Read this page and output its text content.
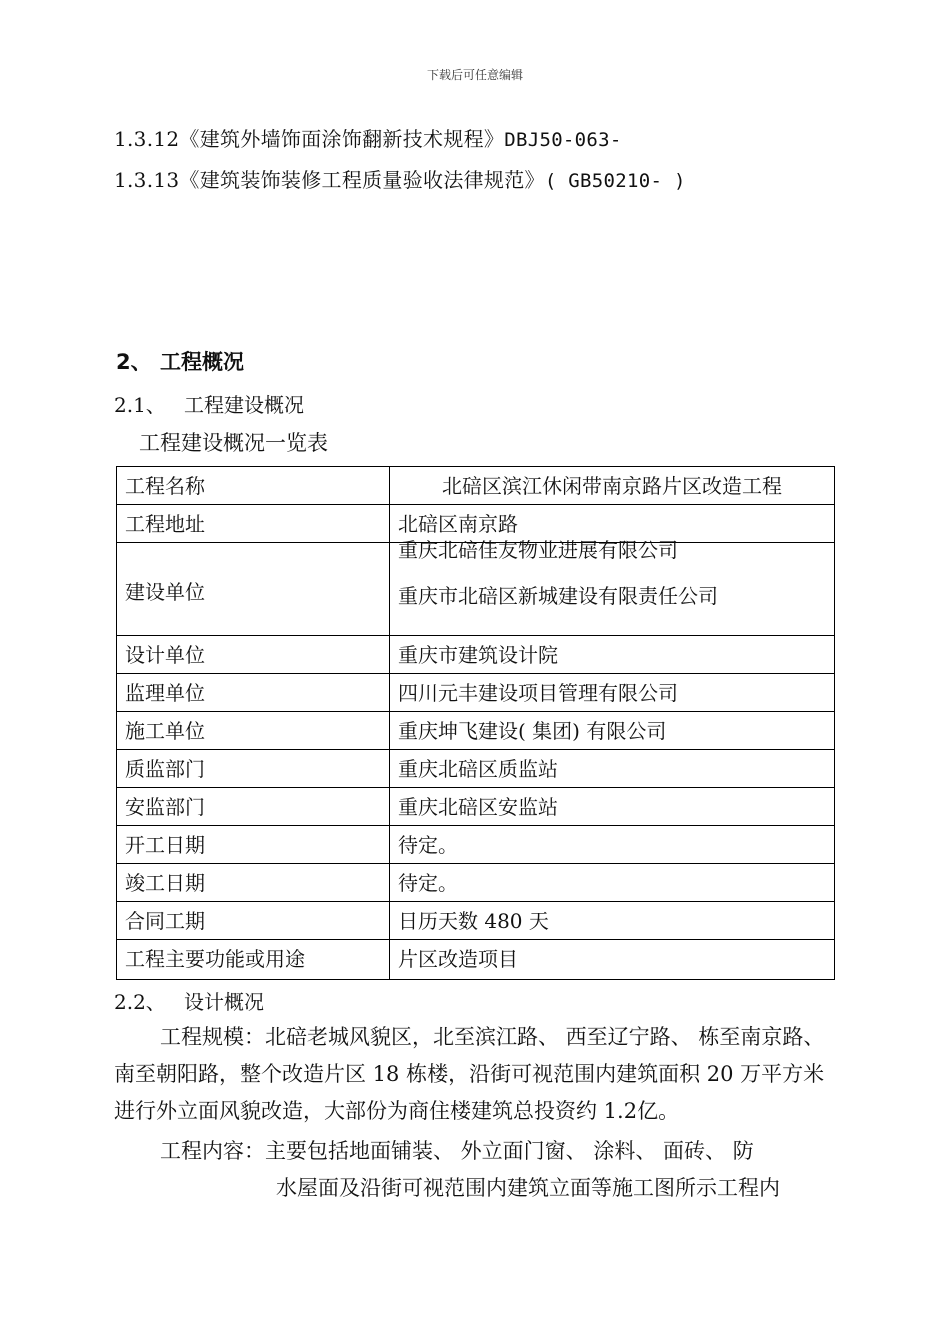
下载后可任意编辑
1.3.12《建筑外墙饰面涂饰翻新技术规程》DBJ50-063-
1.3.13《建筑装饰装修工程质量验收法律规范》( GB50210- )
2、 工程概况
2.1、 工程建设概况
工程建设概况一览表
工程名称	北碚区滨江休闲带南京路片区改造工程
工程地址	北碚区南京路
建设单位	重庆北碚佳友物业进展有限公司
重庆市北碚区新城建设有限责任公司

设计单位	重庆市建筑设计院
监理单位	四川元丰建设项目管理有限公司
施工单位	重庆坤飞建设( 集团) 有限公司
质监部门	重庆北碚区质监站
安监部门	重庆北碚区安监站
开工日期	待定。
竣工日期	待定。
合同工期	日历天数 480 天
工程主要功能或用途	片区改造项目
2.2、 设计概况

工程规模：北碚老城风貌区，北至滨江路、 西至辽宁路、 栋至南京路、 南至朝阳路，整个改造片区 18 栋楼，沿街可视范围内建筑面积 20 万平方米进行外立面风貌改造，大部份为商住楼建筑总投资约 1.2亿。

工程内容：主要包括地面铺装、 外立面门窗、 涂料、 面砖、 防

水屋面及沿街可视范围内建筑立面等施工图所示工程内
